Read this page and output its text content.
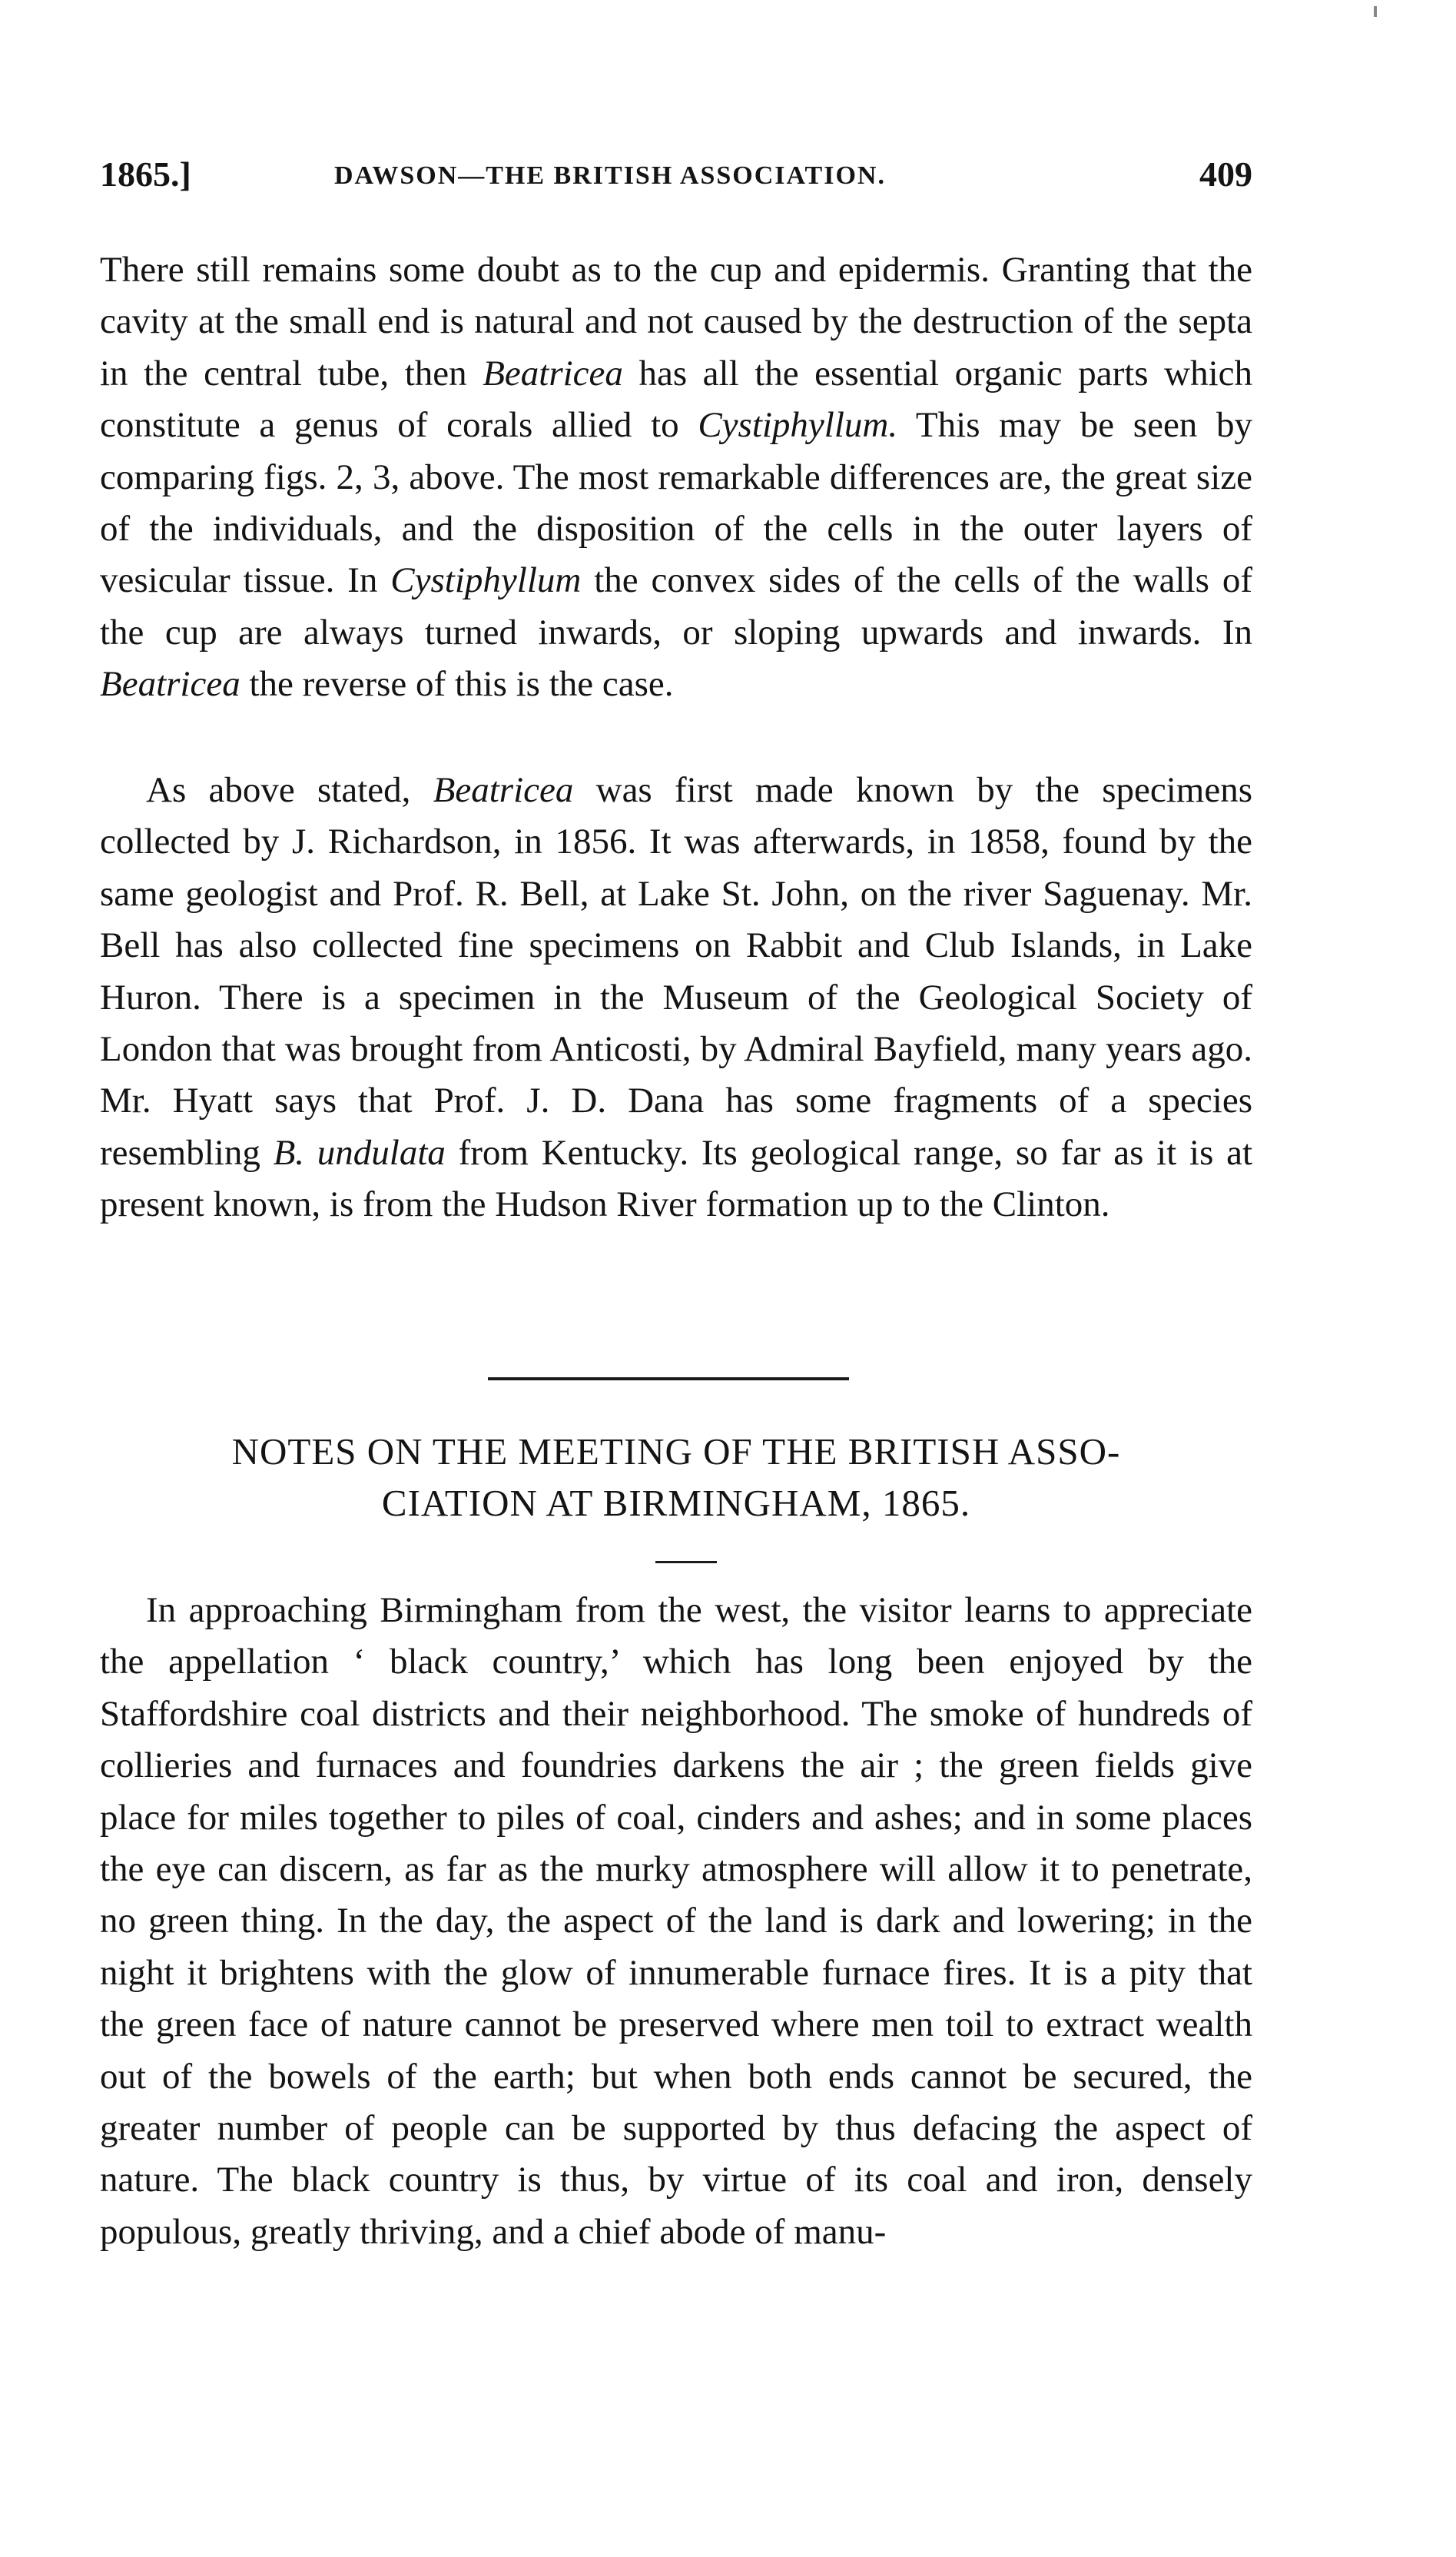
1865.]	DAWSON—THE BRITISH ASSOCIATION.	409

There still remains some doubt as to the cup and epidermis. Granting that the cavity at the small end is natural and not caused by the destruction of the septa in the central tube, then Beatricea has all the essential organic parts which constitute a genus of corals allied to Cystiphyllum. This may be seen by comparing figs. 2, 3, above. The most remarkable differences are, the great size of the individuals, and the disposition of the cells in the outer layers of vesicular tissue. In Cystiphyllum the convex sides of the cells of the walls of the cup are always turned inwards, or sloping upwards and inwards. In Beatricea the reverse of this is the case.

As above stated, Beatricea was first made known by the specimens collected by J. Richardson, in 1856. It was afterwards, in 1858, found by the same geologist and Prof. R. Bell, at Lake St. John, on the river Saguenay. Mr. Bell has also collected fine specimens on Rabbit and Club Islands, in Lake Huron. There is a specimen in the Museum of the Geological Society of London that was brought from Anticosti, by Admiral Bayfield, many years ago. Mr. Hyatt says that Prof. J. D. Dana has some fragments of a species resembling B. undulata from Kentucky. Its geological range, so far as it is at present known, is from the Hudson River formation up to the Clinton.

NOTES ON THE MEETING OF THE BRITISH ASSO-
CIATION AT BIRMINGHAM, 1865.

In approaching Birmingham from the west, the visitor learns to appreciate the appellation ‘ black country,’ which has long been enjoyed by the Staffordshire coal districts and their neighborhood. The smoke of hundreds of collieries and furnaces and foundries darkens the air ; the green fields give place for miles together to piles of coal, cinders and ashes; and in some places the eye can discern, as far as the murky atmosphere will allow it to penetrate, no green thing. In the day, the aspect of the land is dark and lowering; in the night it brightens with the glow of innumerable furnace fires. It is a pity that the green face of nature cannot be preserved where men toil to extract wealth out of the bowels of the earth; but when both ends cannot be secured, the greater number of people can be supported by thus defacing the aspect of nature. The black country is thus, by virtue of its coal and iron, densely populous, greatly thriving, and a chief abode of manu-
